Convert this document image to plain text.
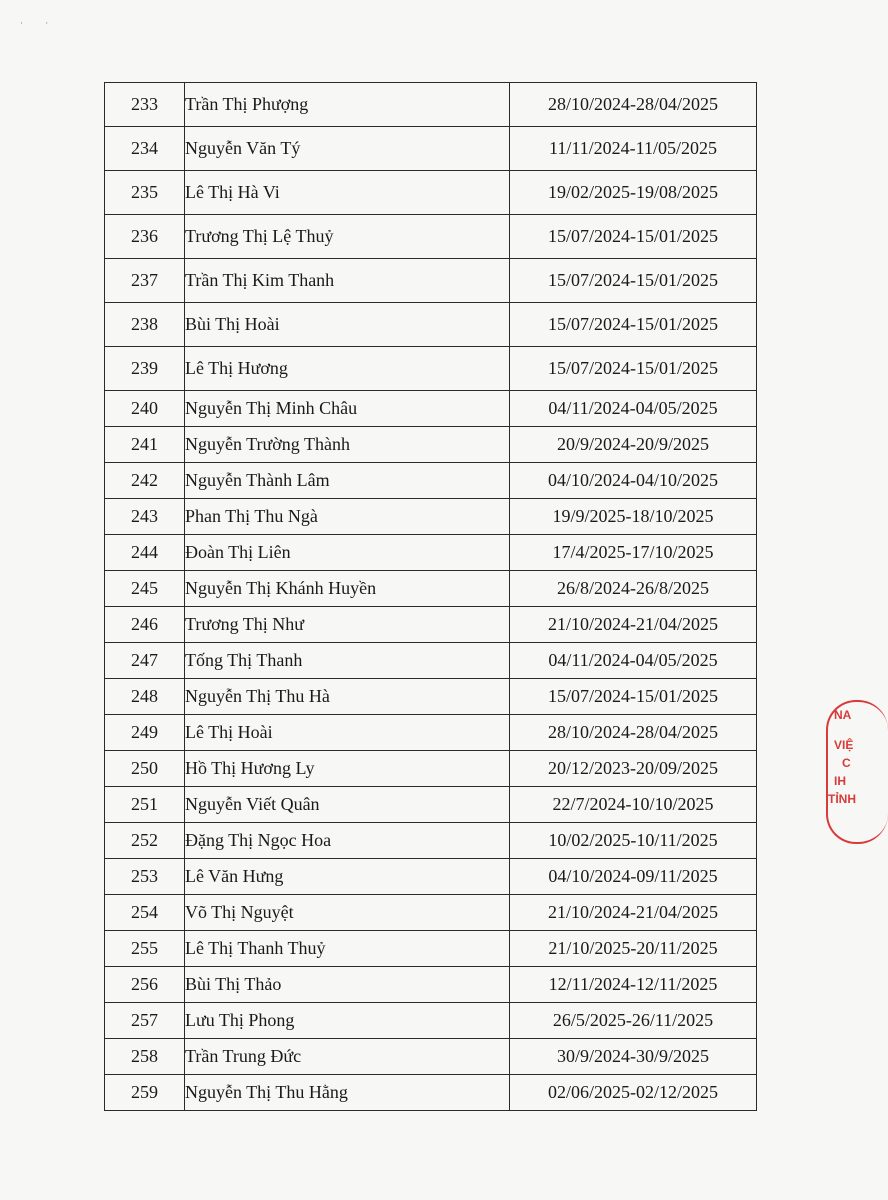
· ·
233	Trần Thị Phượng	28/10/2024-28/04/2025
234	Nguyễn Văn Tý	11/11/2024-11/05/2025
235	Lê Thị Hà Vi	19/02/2025-19/08/2025
236	Trương Thị Lệ Thuỷ	15/07/2024-15/01/2025
237	Trần Thị Kim Thanh	15/07/2024-15/01/2025
238	Bùi Thị Hoài	15/07/2024-15/01/2025
239	Lê Thị Hương	15/07/2024-15/01/2025
240	Nguyễn Thị Minh Châu	04/11/2024-04/05/2025
241	Nguyễn Trường Thành	20/9/2024-20/9/2025
242	Nguyễn Thành Lâm	04/10/2024-04/10/2025
243	Phan Thị Thu Ngà	19/9/2025-18/10/2025
244	Đoàn Thị Liên	17/4/2025-17/10/2025
245	Nguyễn Thị Khánh Huyền	26/8/2024-26/8/2025
246	Trương Thị Như	21/10/2024-21/04/2025
247	Tống Thị Thanh	04/11/2024-04/05/2025
248	Nguyễn Thị Thu Hà	15/07/2024-15/01/2025
249	Lê Thị Hoài	28/10/2024-28/04/2025
250	Hồ Thị Hương Ly	20/12/2023-20/09/2025
251	Nguyễn Viết Quân	22/7/2024-10/10/2025
252	Đặng Thị Ngọc Hoa	10/02/2025-10/11/2025
253	Lê Văn Hưng	04/10/2024-09/11/2025
254	Võ Thị Nguyệt	21/10/2024-21/04/2025
255	Lê Thị Thanh Thuỷ	21/10/2025-20/11/2025
256	Bùi Thị Thảo	12/11/2024-12/11/2025
257	Lưu Thị Phong	26/5/2025-26/11/2025
258	Trần Trung Đức	30/9/2024-30/9/2025
259	Nguyễn Thị Thu Hằng	02/06/2025-02/12/2025
NA
VIỆ
C
IH
TỈNH
